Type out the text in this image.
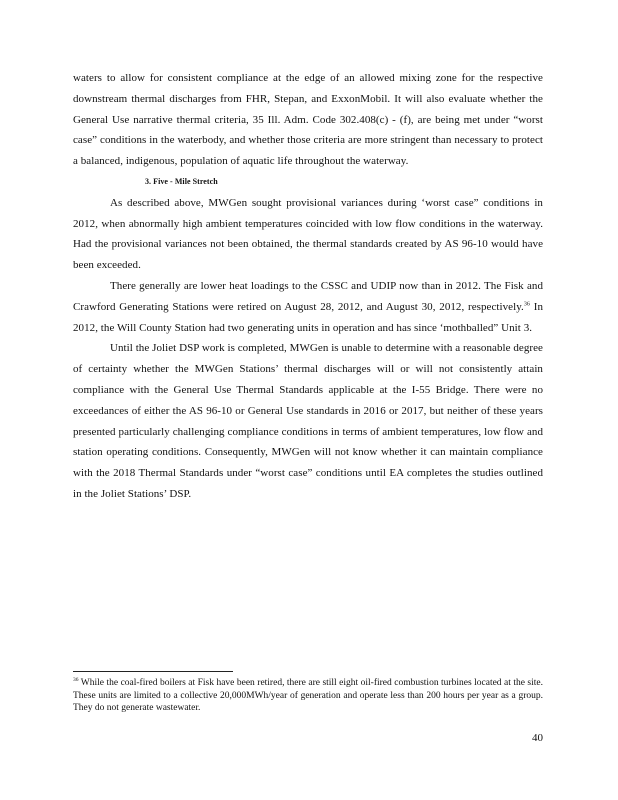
waters to allow for consistent compliance at the edge of an allowed mixing zone for the respective downstream thermal discharges from FHR, Stepan, and ExxonMobil. It will also evaluate whether the General Use narrative thermal criteria, 35 Ill. Adm. Code 302.408(c) - (f), are being met under “worst case” conditions in the waterbody, and whether those criteria are more stringent than necessary to protect a balanced, indigenous, population of aquatic life throughout the waterway.

3. Five - Mile Stretch

As described above, MWGen sought provisional variances during ‘worst case” conditions in 2012, when abnormally high ambient temperatures coincided with low flow conditions in the waterway. Had the provisional variances not been obtained, the thermal standards created by AS 96-10 would have been exceeded.

There generally are lower heat loadings to the CSSC and UDIP now than in 2012. The Fisk and Crawford Generating Stations were retired on August 28, 2012, and August 30, 2012, respectively.$^{36}$ In 2012, the Will County Station had two generating units in operation and has since ‘mothballed” Unit 3.

Until the Joliet DSP work is completed, MWGen is unable to determine with a reasonable degree of certainty whether the MWGen Stations’ thermal discharges will or will not consistently attain compliance with the General Use Thermal Standards applicable at the I-55 Bridge. There were no exceedances of either the AS 96-10 or General Use standards in 2016 or 2017, but neither of these years presented particularly challenging compliance conditions in terms of ambient temperatures, low flow and station operating conditions. Consequently, MWGen will not know whether it can maintain compliance with the 2018 Thermal Standards under “worst case” conditions until EA completes the studies outlined in the Joliet Stations’ DSP.

$^{36}$ While the coal-fired boilers at Fisk have been retired, there are still eight oil-fired combustion turbines located at the site. These units are limited to a collective 20,000MWh/year of generation and operate less than 200 hours per year as a group. They do not generate wastewater.

40
